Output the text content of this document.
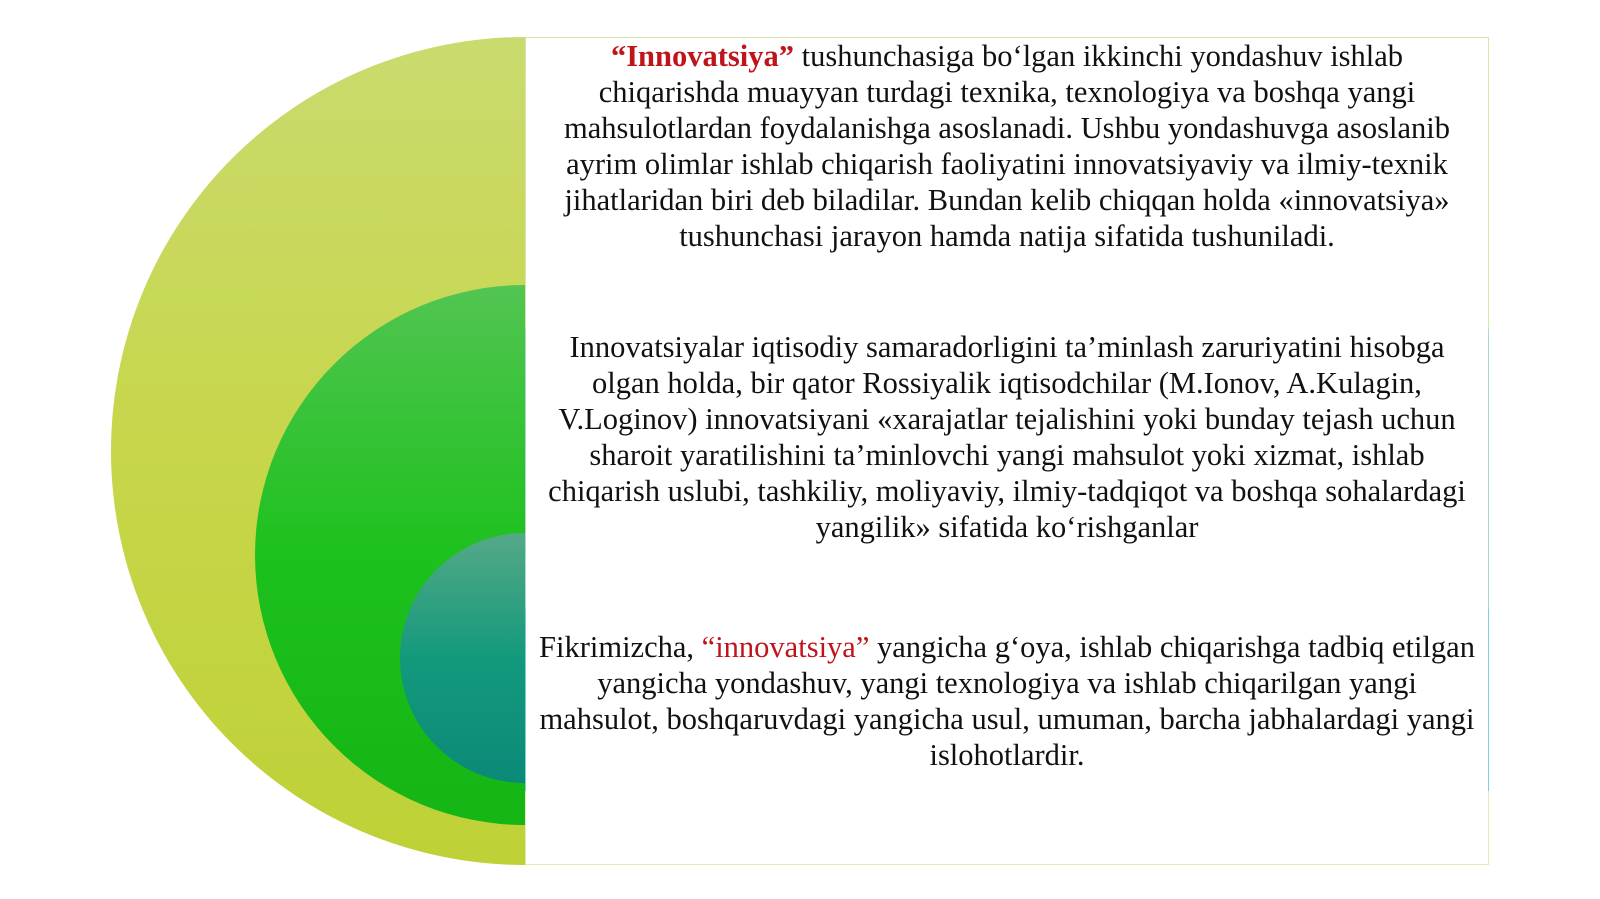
“Innovatsiya” tushunchasiga bo‘lgan ikkinchi yondashuv ishlab chiqarishda muayyan turdagi texnika, texnologiya va boshqa yangi mahsulotlardan foydalanishga asoslanadi. Ushbu yondashuvga asoslanib ayrim olimlar ishlab chiqarish faoliyatini innovatsiyaviy va ilmiy-texnik jihatlaridan biri deb biladilar. Bundan kelib chiqqan holda «innovatsiya» tushunchasi jarayon hamda natija sifatida tushuniladi.

Innovatsiyalar iqtisodiy samaradorligini ta’minlash zaruriyatini hisobga olgan holda, bir qator Rossiyalik iqtisodchilar (M.Ionov, A.Kulagin, V.Loginov) innovatsiyani «xarajatlar tejalishini yoki bunday tejash uchun sharoit yaratilishini ta’minlovchi yangi mahsulot yoki xizmat, ishlab chiqarish uslubi, tashkiliy, moliyaviy, ilmiy-tadqiqot va boshqa sohalardagi yangilik» sifatida ko‘rishganlar

Fikrimizcha, “innovatsiya” yangicha g‘oya, ishlab chiqarishga tadbiq etilgan yangicha yondashuv, yangi texnologiya va ishlab chiqarilgan yangi mahsulot, boshqaruvdagi yangicha usul, umuman, barcha jabhalardagi yangi islohotlardir.
